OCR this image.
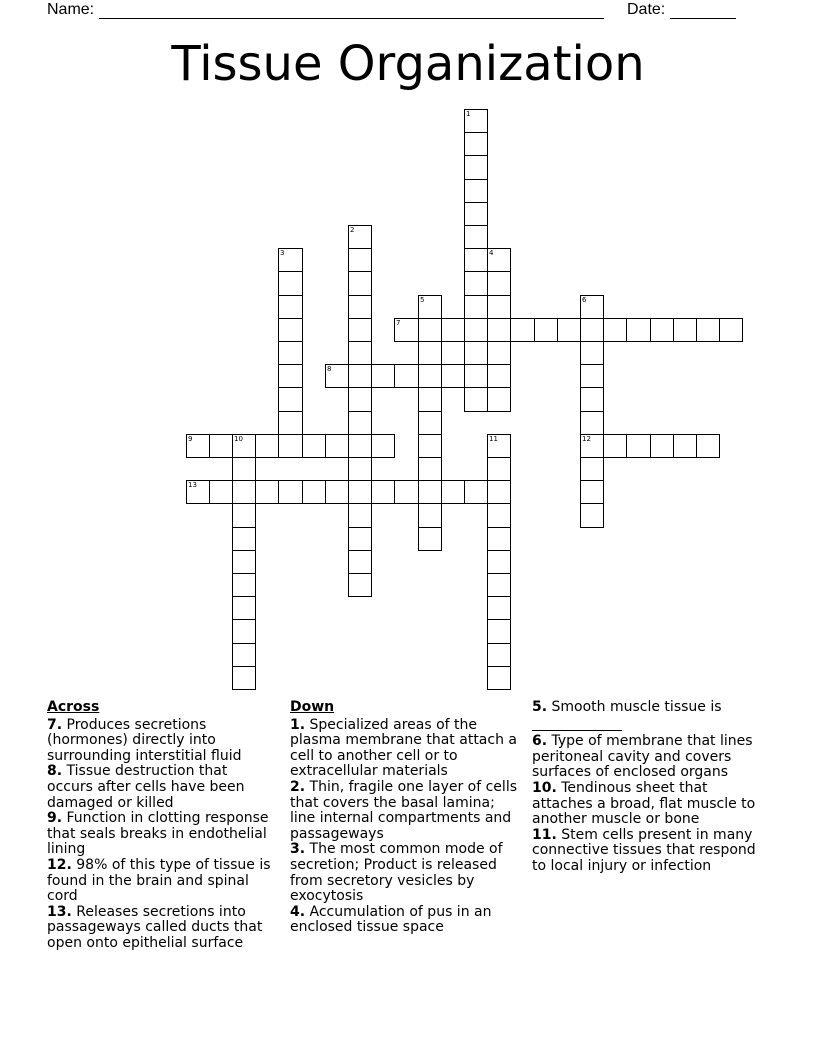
Name:	Date:
Tissue Organization
1
2
3	4
5	6
12
7
8
9	10	11
13
Across
7. Produces secretions (hormones) directly into surrounding interstitial fluid
8. Tissue destruction that occurs after cells have been damaged or killed
9. Function in clotting response that seals breaks in endothelial lining
12. 98% of this type of tissue is found in the brain and spinal cord
13. Releases secretions into passageways called ducts that open onto epithelial surface
Down
1. Specialized areas of the plasma membrane that attach a cell to another cell or to extracellular materials
2. Thin, fragile one layer of cells that covers the basal lamina; line internal compartments and passageways
3. The most common mode of secretion; Product is released from secretory vesicles by exocytosis
4. Accumulation of pus in an enclosed tissue space
5. Smooth muscle tissue is

6. Type of membrane that lines peritoneal cavity and covers surfaces of enclosed organs
10. Tendinous sheet that attaches a broad, flat muscle to another muscle or bone
11. Stem cells present in many connective tissues that respond to local injury or infection
